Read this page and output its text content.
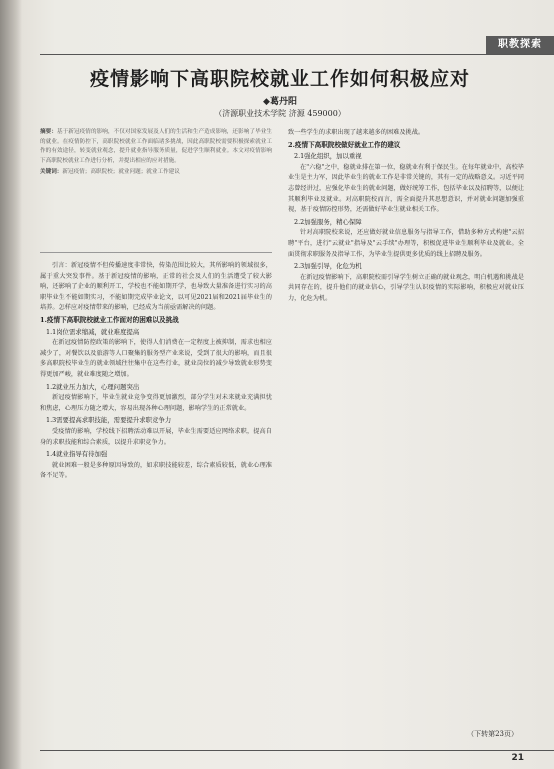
职教探索
疫情影响下高职院校就业工作如何积极应对
◆葛丹阳
（济源职业技术学院 济源 459000）
摘要：基于新冠疫情的影响，不仅对国家发展及人们的生活和生产造成影响，还影响了毕业生的就业。在疫情防控下，高职院校就业工作面临诸多挑战，因此高职院校需要积极探索就业工作的有效途径，转变就业观念，提升就业指导服务质量，促进学生顺利就业。本文对疫情影响下高职院校就业工作进行分析，并提出相应的应对措施。
关键词：新冠疫情；高职院校；就业问题；就业工作建议

引言：新冠疫情不但传播速度非常快，传染范围比较大，其所影响的领域很多，属于重大突发事件。基于新冠疫情的影响，正常的社会及人们的生活遭受了较大影响，还影响了企业的顺利开工，学校也不能如期开学，也导致大量准备进行实习的高职毕业生不能如期实习，不能如期完成毕业论文，以可见2021届和2021届毕业生的培养。怎样应对疫情带来的影响，已经成为当前亟需解决的问题。

1.疫情下高职院校就业工作面对的困难以及挑战

1.1岗位需求缩减，就业难度提高

在新冠疫情防控政策的影响下，使得人们消费在一定程度上被抑制，需求也相应减少了，对餐饮以及旅游等人口聚集的服务型产业来说，受到了很大的影响，而且很多高职院校毕业生的就业领域往往集中在这些行业，就业岗位的减少导致就业形势变得更加严峻，就业难度随之增加。

1.2就业压力加大，心理问题突出

新冠疫情影响下，毕业生就业竞争变得更加激烈，部分学生对未来就业充满担忧和焦虑，心理压力随之增大，容易出现各种心理问题，影响学生的正常就业。

1.3需要提高求职技能，需要提升求职竞争力

受疫情的影响，学校线下招聘活动难以开展，毕业生需要适应网络求职，提高自身的求职技能和综合素质，以提升求职竞争力。

1.4就业指导有待加强

就业困难一般是多种原因导致的，如求职技能较差，综合素质较低，就业心理准备不足等。

致一些学生的求职出现了越来越多的困难及挑战。

2.疫情下高职院校做好就业工作的建议

2.1强化组织，加以重视

在"六稳"之中，稳就业排在第一位，稳就业有利于保民生。在每年就业中，高校毕业生是主力军，因此毕业生的就业工作是非常关键的，其有一定的战略意义。习近平同志曾经讲过，应强化毕业生的就业问题，做好统筹工作，包括毕业以及招聘等，以便让其顺利毕业及就业。对高职院校而言，需全面提升其思想意识，并对就业问题加强重视，基于疫情防控形势，还需做好毕业生就业相关工作。

2.2加强服务，精心保障

针对高职院校来说，还应做好就业信息服务与指导工作，借助多种方式构建"云招聘"平台，进行"云就业"指导及"云手续"办理等，积极促进毕业生顺利毕业及就业。全面贯彻求职服务及指导工作，为毕业生提供更多优质的线上招聘及服务。

2.3加强引导，化危为机

在新冠疫情影响下，高职院校需引导学生树立正确的就业观念，明白机遇和挑战是共同存在的，提升他们的就业信心，引导学生认识疫情的实际影响，积极应对就业压力，化危为机。

（下转第23页）
21
